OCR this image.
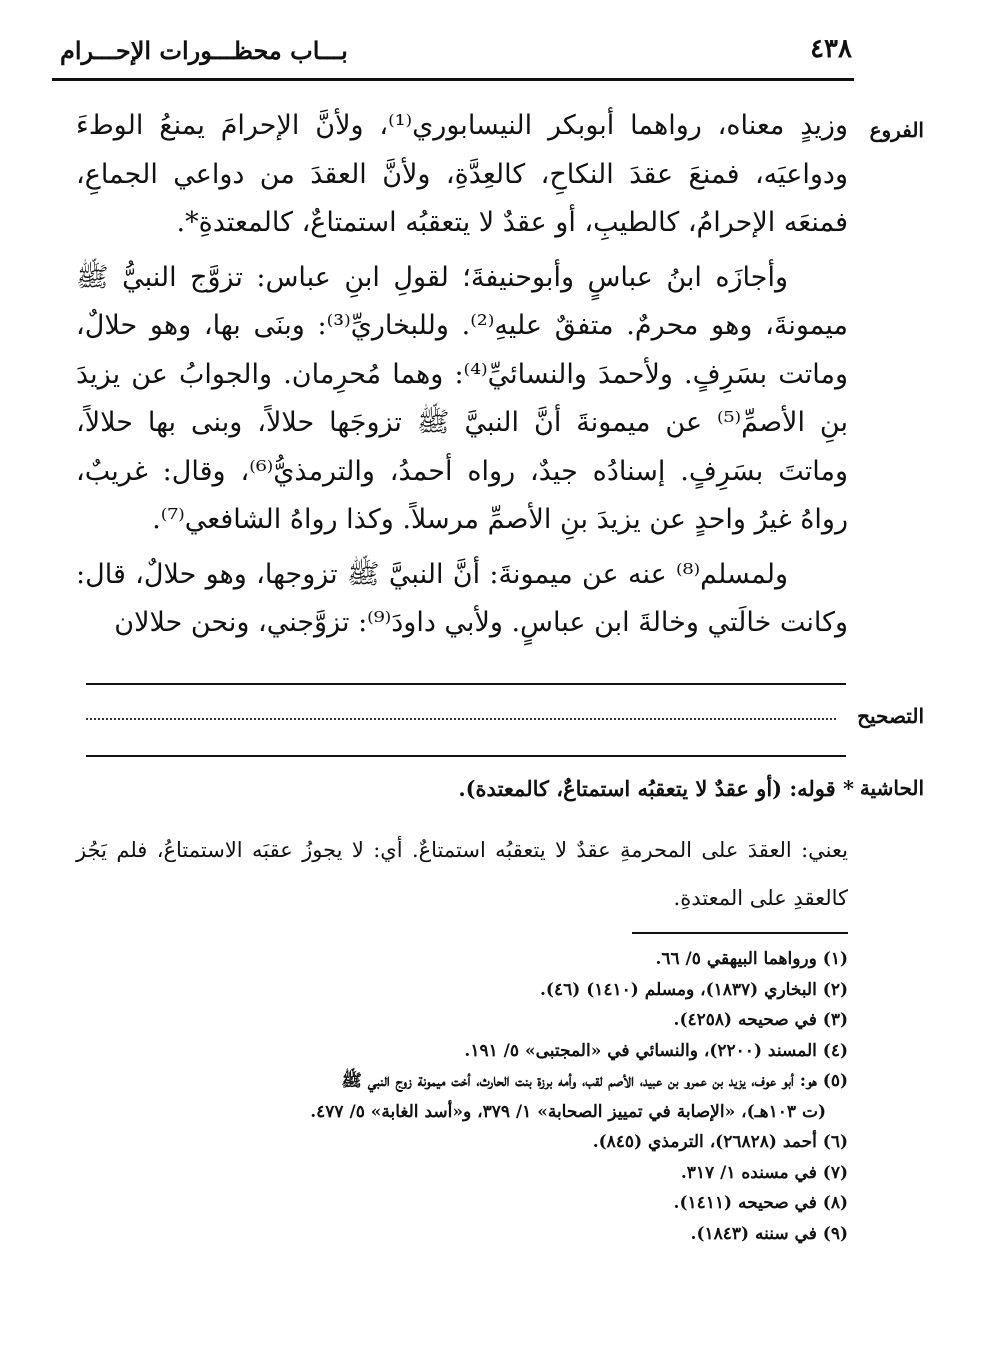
بـــاب محظـــورات الإحـــرام	٤٣٨
الفروع

وزيدٍ معناه، رواهما أبوبكر النيسابوري⁽¹⁾، ولأنَّ الإحرامَ يمنعُ الوطءَ ودواعيَه، فمنعَ عقدَ النكاحِ، كالعِدَّةِ، ولأنَّ العقدَ من دواعي الجماعِ، فمنعَه الإحرامُ، كالطيبِ، أو عقدٌ لا يتعقبُه استمتاعٌ، كالمعتدةِ*.

وأجازَه ابنُ عباسٍ وأبوحنيفةَ؛ لقولِ ابنِ عباس: تزوَّج النبيُّ ﷺ ميمونةَ، وهو محرمٌ. متفقٌ عليهِ⁽²⁾. وللبخاريِّ⁽³⁾: وبنَى بها، وهو حلالٌ، وماتت بسَرِفٍ. ولأحمدَ والنسائيِّ⁽⁴⁾: وهما مُحرِمان. والجوابُ عن يزيدَ بنِ الأصمِّ⁽⁵⁾ عن ميمونةَ أنَّ النبيَّ ﷺ تزوجَها حلالاً، وبنى بها حلالاً، وماتتَ بسَرِفٍ. إسنادُه جيدٌ، رواه أحمدُ، والترمذيُّ⁽⁶⁾، وقال: غريبٌ، رواهُ غيرُ واحدٍ عن يزيدَ بنِ الأصمِّ مرسلاً. وكذا رواهُ الشافعي⁽⁷⁾.

ولمسلم⁽⁸⁾ عنه عن ميمونةَ: أنَّ النبيَّ ﷺ تزوجها، وهو حلالٌ، قال: وكانت خالَتي وخالةَ ابن عباسٍ. ولأبي داودَ⁽⁹⁾: تزوَّجني، ونحن حلالان

التصحيح
الحاشية
* قوله: (أو عقدٌ لا يتعقبُه استمتاعٌ، كالمعتدة).
يعني: العقدَ على المحرمةِ عقدٌ لا يتعقبُه استمتاعٌ. أي: لا يجوزُ عقبَه الاستمتاعُ، فلم يَجُز كالعقدِ على المعتدةِ.
(١) ورواهما البيهقي ٥/ ٦٦.
(٢) البخاري (١٨٣٧)، ومسلم (١٤١٠) (٤٦).
(٣) في صحيحه (٤٢٥٨).
(٤) المسند (٢٢٠٠)، والنسائي في «المجتبى» ٥/ ١٩١.
(٥) هو: أبو عوف، يزيد بن عمرو بن عبيد، الأصم لقب، وأمه برزة بنت الحارث، أخت ميمونة زوج النبي ﷺ
(ت ١٠٣هـ)، «الإصابة في تمييز الصحابة» ١/ ٣٧٩، و«أسد الغابة» ٥/ ٤٧٧.
(٦) أحمد (٢٦٨٢٨)، الترمذي (٨٤٥).
(٧) في مسنده ١/ ٣١٧.
(٨) في صحيحه (١٤١١).
(٩) في سننه (١٨٤٣).
